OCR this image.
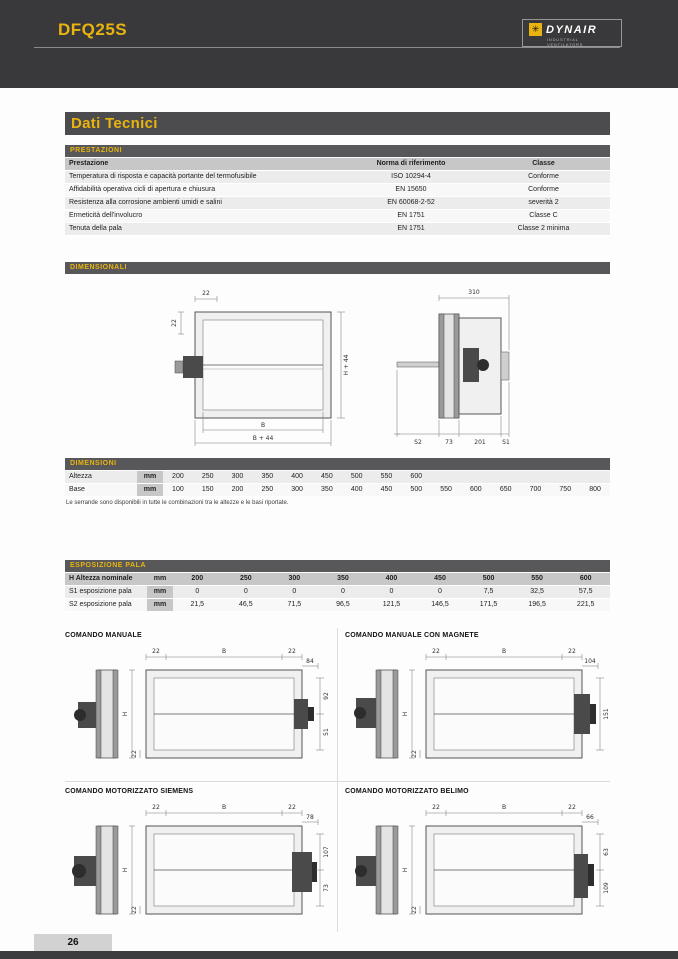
DFQ25S	✳ DYNAIR
INDUSTRIAL VENTILATORS
Dati Tecnici
PRESTAZIONI
Prestazione	Norma di riferimento	Classe
Temperatura di risposta e capacità portante del termofusibile	ISO 10294-4	Conforme
Affidabilità operativa cicli di apertura e chiusura	EN 15650	Conforme
Resistenza alla corrosione ambienti umidi e salini	EN 60068-2-52	severità 2
Ermeticità dell'involucro	EN 1751	Classe C
Tenuta della pala	EN 1751	Classe 2 minima
DIMENSIONALI
22
22
H + 44
B
B + 44
310
S2	73	201	S1
DIMENSIONI
Altezza	mm	200	250	300	350	400	450	500	550	600						
Base	mm	100	150	200	250	300	350	400	450	500	550	600	650	700	750	800
Le serrande sono disponibili in tutte le combinazioni tra le altezze e le basi riportate.
ESPOSIZIONE PALA
H Altezza nominale	mm	200	250	300	350	400	450	500	550	600
S1 esposizione pala	mm	0	0	0	0	0	0	7,5	32,5	57,5
S2 esposizione pala	mm	21,5	46,5	71,5	96,5	121,5	146,5	171,5	196,5	221,5
COMANDO MANUALE
22	B	22
84
92
51
H
22
COMANDO MANUALE CON MAGNETE
22	B	22
104
151
H
22
COMANDO MOTORIZZATO SIEMENS
22	B	22
78
107
73
H
22
COMANDO MOTORIZZATO BELIMO
22	B	22
66
63
109
H
22
26
